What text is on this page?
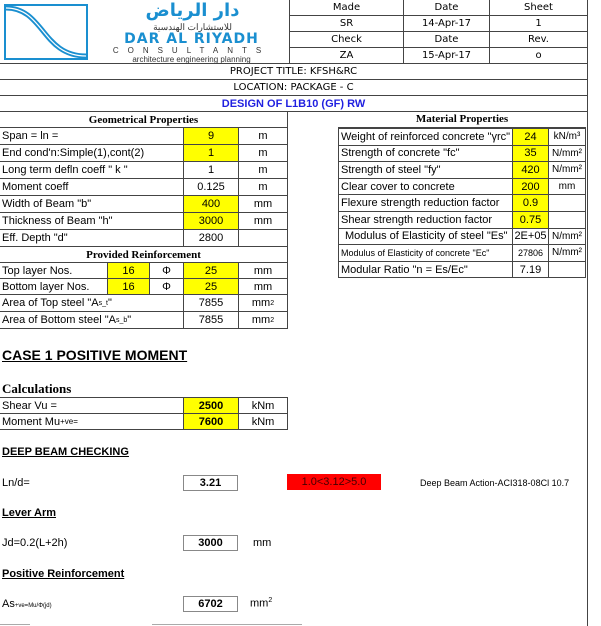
دار الرياض
للاستشارات الهندسية
DAR AL RIYADH
CONSULTANTS
architecture engineering planning
Made	Date	Sheet
SR	14-Apr-17	1
Check	Date	Rev.
ZA	15-Apr-17	o
PROJECT TITLE: KFSH&RC
LOCATION: PACKAGE - C
DESIGN OF L1B10 (GF) RW
Geometrical Properties
Span = ln =	9	m
End cond'n:Simple(1),cont(2)	1	m
Long term defln coeff " k "	1	m
Moment coeff	0.125	m
Width of Beam "b"	400	mm
Thickness of Beam "h"	3000	mm
Eff. Depth "d"	2800
Provided Reinforcement
Top layer Nos.	16	Φ	25	mm
Bottom layer Nos.	16	Φ	25	mm
Area of Top steel "A s_t "	7855	mm 2
Area of Bottom steel "A s_b "	7855	mm 2
Material Properties
Weight of reinforced concrete "γrc"	24	kN/m³
Strength of concrete "fc"	35	N/mm²
Strength of steel "fy"	420	N/mm²
Clear cover to concrete	200	mm
Flexure strength reduction factor	0.9
Shear strength reduction factor	0.75
Modulus of Elasticity of steel "Es" 2E+05 N/mm²
Modulus of Elasticity of concrete "Ec"	27806 N/mm²
Modular Ratio "n = Es/Ec"	7.19
CASE 1 POSITIVE MOMENT
Calculations
Shear Vu =	2500	kNm
Moment Mu +ve=	7600	kNm
DEEP BEAM CHECKING
Ln/d=	3.21	1.0<3.12>5.0	Deep Beam Action-ACI318-08Cl 10.7
Lever Arm
Jd=0.2(L+2h)	3000	mm
Positive Reinforcement
As+ve=Mu/Φ(jd)	6702	$mm^2$
